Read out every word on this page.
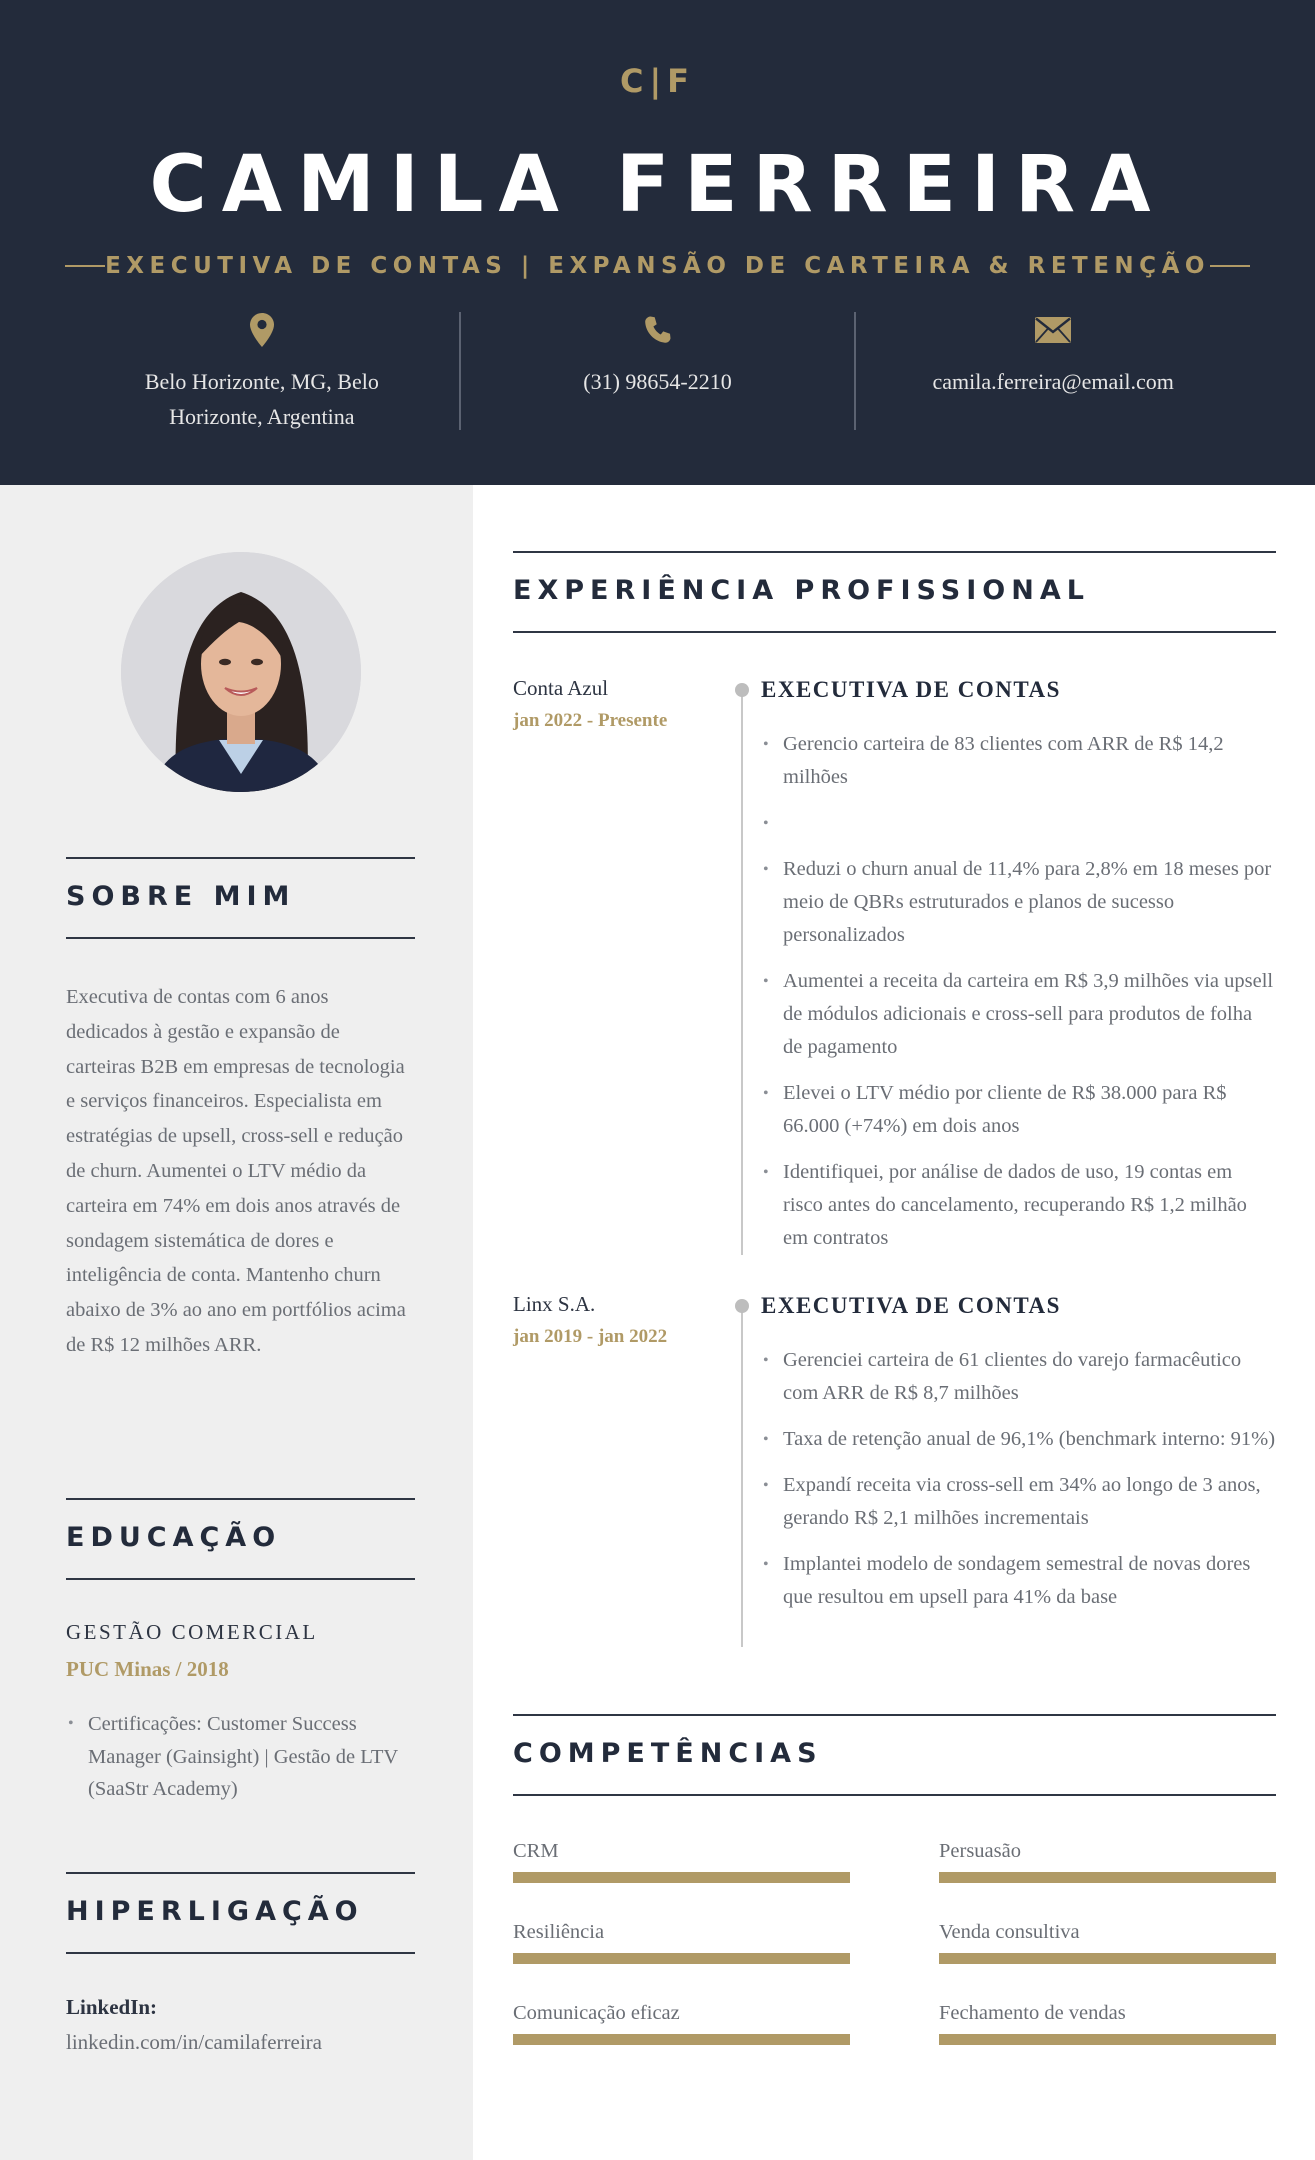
C|F
CAMILA FERREIRA
EXECUTIVA DE CONTAS | EXPANSÃO DE CARTEIRA & RETENÇÃO
Belo Horizonte, MG, Belo
Horizonte, Argentina
(31) 98654-2210	camila.ferreira@email.com
SOBRE MIM
Executiva de contas com 6 anos dedicados à gestão e expansão de carteiras B2B em empresas de tecnologia e serviços financeiros. Especialista em estratégias de upsell, cross-sell e redução de churn. Aumentei o LTV médio da carteira em 74% em dois anos através de sondagem sistemática de dores e inteligência de conta. Mantenho churn abaixo de 3% ao ano em portfólios acima de R$ 12 milhões ARR.
EDUCAÇÃO
GESTÃO COMERCIAL
PUC Minas / 2018
• Certificações: Customer Success Manager (Gainsight) | Gestão de LTV (SaaStr Academy)
HIPERLIGAÇÃO
LinkedIn:
linkedin.com/in/camilaferreira
EXPERIÊNCIA PROFISSIONAL
Conta Azul
jan 2022 - Presente
EXECUTIVA DE CONTAS
• Gerencio carteira de 83 clientes com ARR de R$ 14,2 milhões
•
• Reduzi o churn anual de 11,4% para 2,8% em 18 meses por meio de QBRs estruturados e planos de sucesso personalizados
• Aumentei a receita da carteira em R$ 3,9 milhões via upsell de módulos adicionais e cross-sell para produtos de folha de pagamento
• Elevei o LTV médio por cliente de R$ 38.000 para R$ 66.000 (+74%) em dois anos
• Identifiquei, por análise de dados de uso, 19 contas em risco antes do cancelamento, recuperando R$ 1,2 milhão em contratos
Linx S.A.
jan 2019 - jan 2022
EXECUTIVA DE CONTAS
• Gerenciei carteira de 61 clientes do varejo farmacêutico com ARR de R$ 8,7 milhões
• Taxa de retenção anual de 96,1% (benchmark interno: 91%)
• Expandí receita via cross-sell em 34% ao longo de 3 anos, gerando R$ 2,1 milhões incrementais
• Implantei modelo de sondagem semestral de novas dores que resultou em upsell para 41% da base
COMPETÊNCIAS
CRM	Persuasão
Resiliência	Venda consultiva
Comunicação eficaz	Fechamento de vendas
